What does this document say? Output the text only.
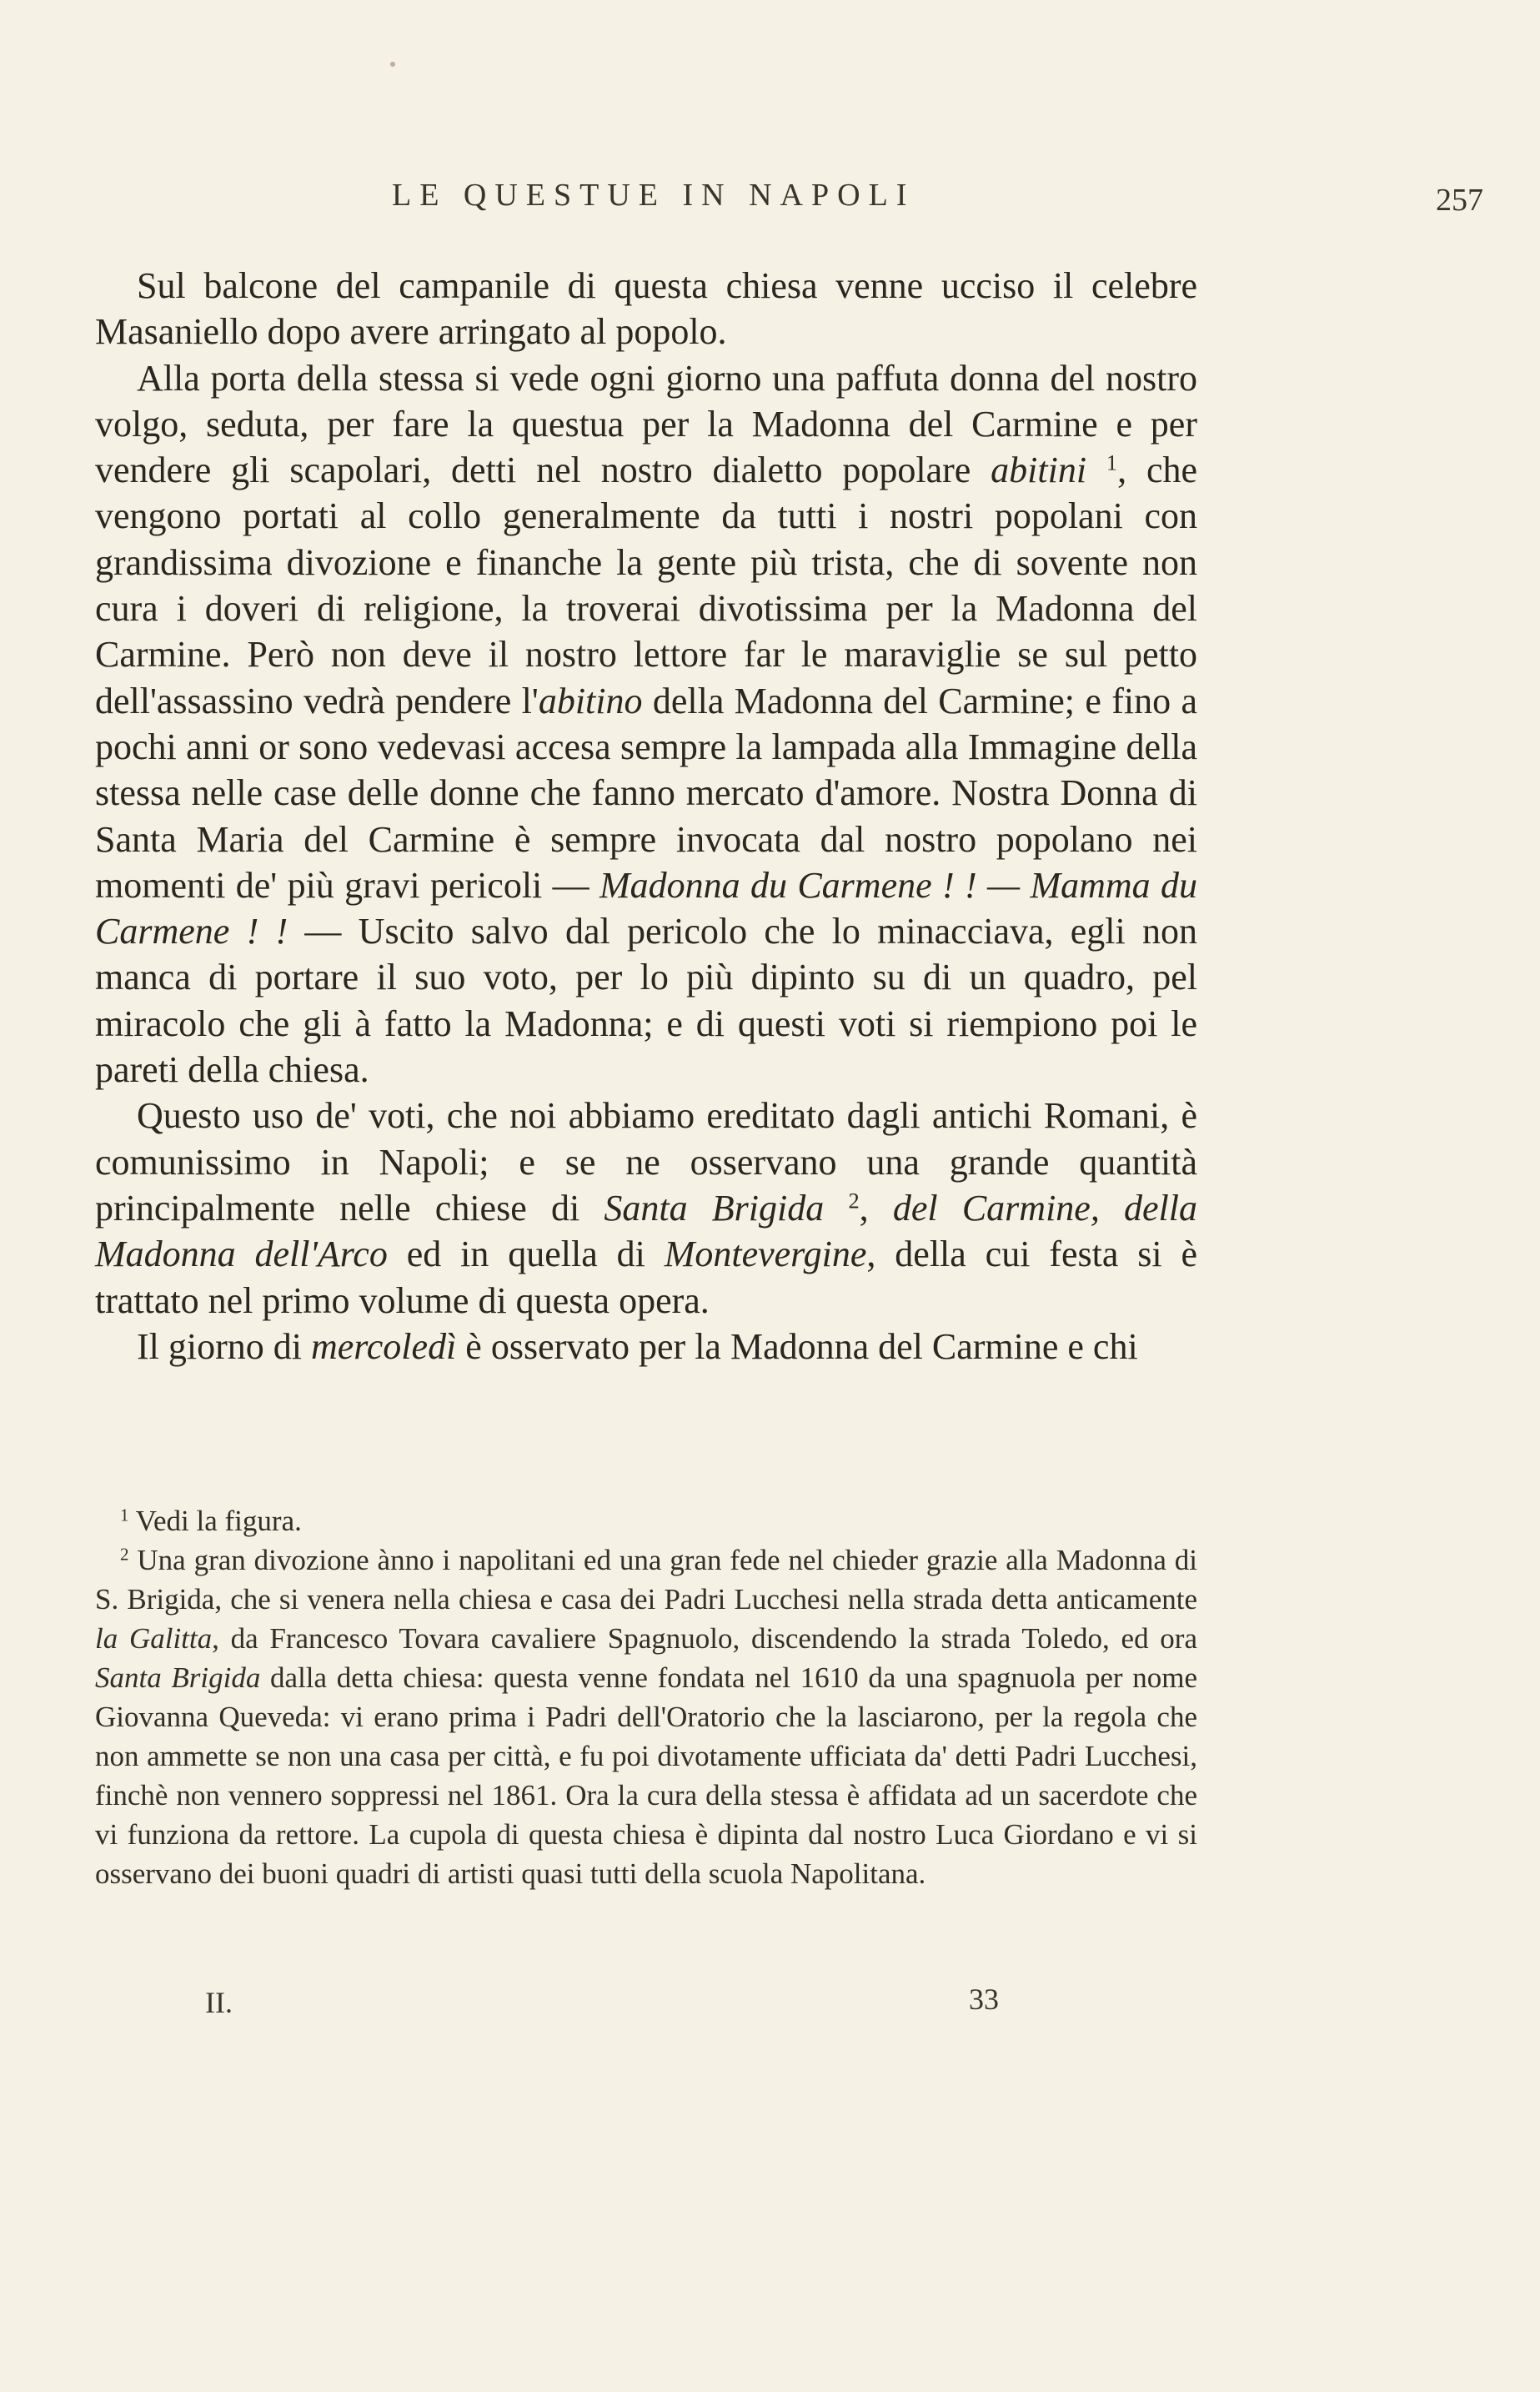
LE QUESTUE IN NAPOLI	257

Sul balcone del campanile di questa chiesa venne ucciso il celebre Masaniello dopo avere arringato al popolo.

Alla porta della stessa si vede ogni giorno una paffuta donna del nostro volgo, seduta, per fare la questua per la Madonna del Carmine e per vendere gli scapolari, detti nel nostro dialetto popolare abitini $^1$, che vengono portati al collo generalmente da tutti i nostri popolani con grandissima divozione e finanche la gente più trista, che di sovente non cura i doveri di religione, la troverai divotissima per la Madonna del Carmine. Però non deve il nostro lettore far le maraviglie se sul petto dell'assassino vedrà pendere l'abitino della Madonna del Carmine; e fino a pochi anni or sono vedevasi accesa sempre la lampada alla Immagine della stessa nelle case delle donne che fanno mercato d'amore. Nostra Donna di Santa Maria del Carmine è sempre invocata dal nostro popolano nei momenti de' più gravi pericoli — Madonna du Carmene ! ! — Mamma du Carmene ! ! — Uscito salvo dal pericolo che lo minacciava, egli non manca di portare il suo voto, per lo più dipinto su di un quadro, pel miracolo che gli à fatto la Madonna; e di questi voti si riempiono poi le pareti della chiesa.

Questo uso de' voti, che noi abbiamo ereditato dagli antichi Romani, è comunissimo in Napoli; e se ne osservano una grande quantità principalmente nelle chiese di Santa Brigida $^2$, del Carmine, della Madonna dell'Arco ed in quella di Montevergine, della cui festa si è trattato nel primo volume di questa opera.

Il giorno di mercoledì è osservato per la Madonna del Carmine e chi

$^1$ Vedi la figura.

$^2$ Una gran divozione ànno i napolitani ed una gran fede nel chieder grazie alla Madonna di S. Brigida, che si venera nella chiesa e casa dei Padri Lucchesi nella strada detta anticamente la Galitta, da Francesco Tovara cavaliere Spagnuolo, discendendo la strada Toledo, ed ora Santa Brigida dalla detta chiesa: questa venne fondata nel 1610 da una spagnuola per nome Giovanna Queveda: vi erano prima i Padri dell'Oratorio che la lasciarono, per la regola che non ammette se non una casa per città, e fu poi divotamente ufficiata da' detti Padri Lucchesi, finchè non vennero soppressi nel 1861. Ora la cura della stessa è affidata ad un sacerdote che vi funziona da rettore. La cupola di questa chiesa è dipinta dal nostro Luca Giordano e vi si osservano dei buoni quadri di artisti quasi tutti della scuola Napolitana.

II.	33
